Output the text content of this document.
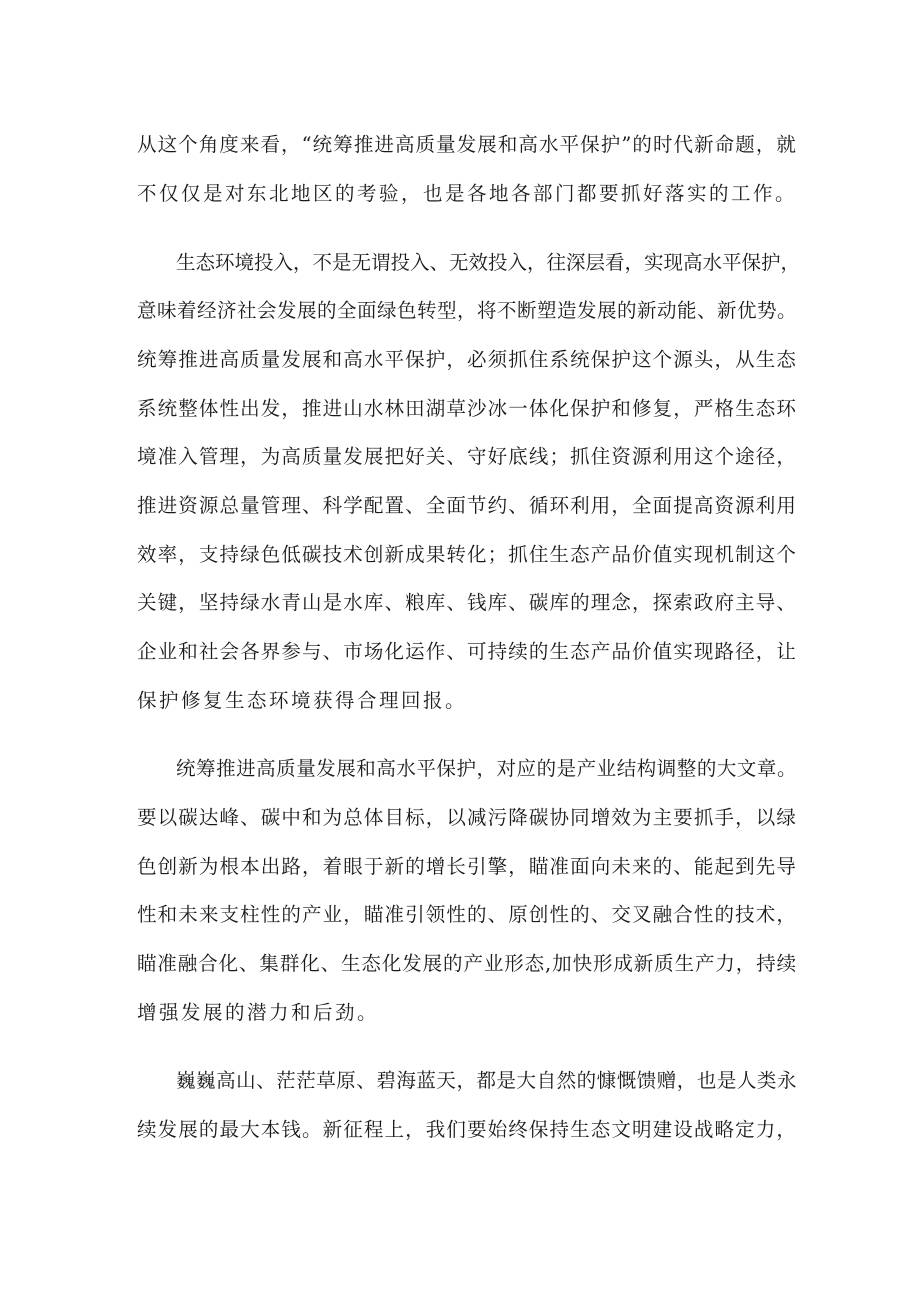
从这个角度来看，“统筹推进高质量发展和高水平保护”的时代新命题，就
不仅仅是对东北地区的考验，也是各地各部门都要抓好落实的工作。
生态环境投入，不是无谓投入、无效投入，往深层看，实现高水平保护，
意味着经济社会发展的全面绿色转型，将不断塑造发展的新动能、新优势。
统筹推进高质量发展和高水平保护，必须抓住系统保护这个源头，从生态
系统整体性出发，推进山水林田湖草沙冰一体化保护和修复，严格生态环
境准入管理，为高质量发展把好关、守好底线；抓住资源利用这个途径，
推进资源总量管理、科学配置、全面节约、循环利用，全面提高资源利用
效率，支持绿色低碳技术创新成果转化；抓住生态产品价值实现机制这个
关键，坚持绿水青山是水库、粮库、钱库、碳库的理念，探索政府主导、
企业和社会各界参与、市场化运作、可持续的生态产品价值实现路径，让
保护修复生态环境获得合理回报。
统筹推进高质量发展和高水平保护，对应的是产业结构调整的大文章。
要以碳达峰、碳中和为总体目标，以减污降碳协同增效为主要抓手，以绿
色创新为根本出路，着眼于新的增长引擎，瞄准面向未来的、能起到先导
性和未来支柱性的产业，瞄准引领性的、原创性的、交叉融合性的技术，
瞄准融合化、集群化、生态化发展的产业形态,加快形成新质生产力，持续
增强发展的潜力和后劲。
巍巍高山、茫茫草原、碧海蓝天，都是大自然的慷慨馈赠，也是人类永
续发展的最大本钱。新征程上，我们要始终保持生态文明建设战略定力，
